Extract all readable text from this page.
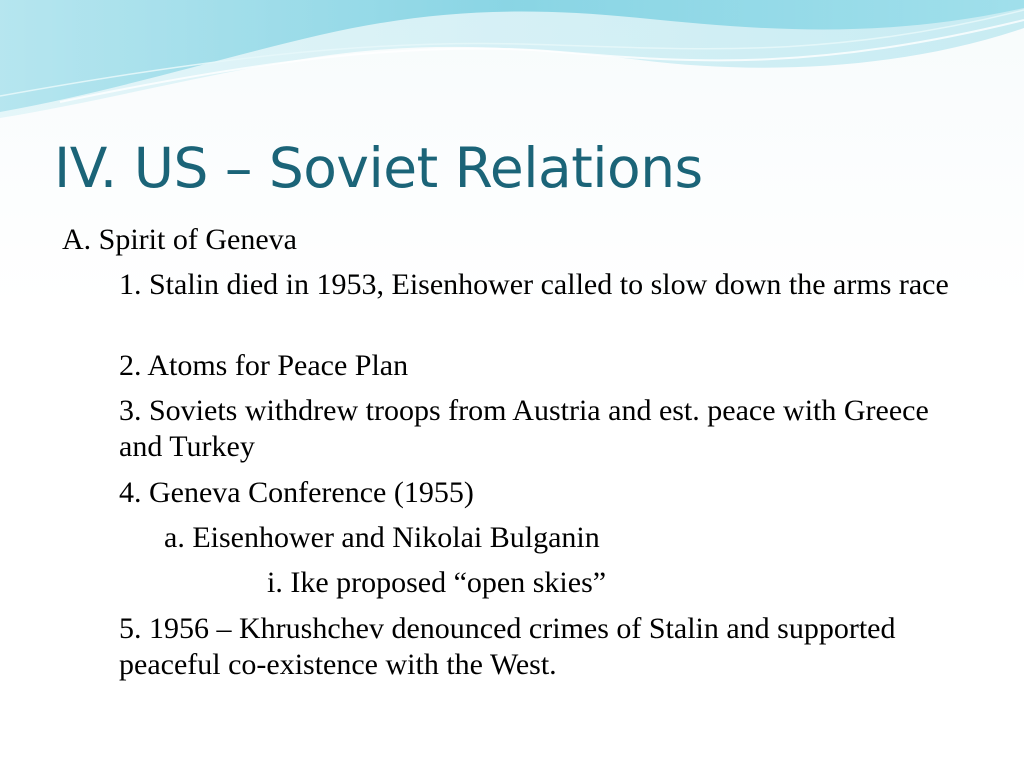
IV. US – Soviet Relations
A. Spirit of Geneva
1. Stalin died in 1953, Eisenhower called to slow down the arms race
2. Atoms for Peace Plan
3. Soviets withdrew troops from Austria and est. peace with Greece and Turkey
4. Geneva Conference (1955)
a. Eisenhower and Nikolai Bulganin
i. Ike proposed “open skies”
5. 1956 – Khrushchev denounced crimes of Stalin and supported peaceful co-existence with the West.
